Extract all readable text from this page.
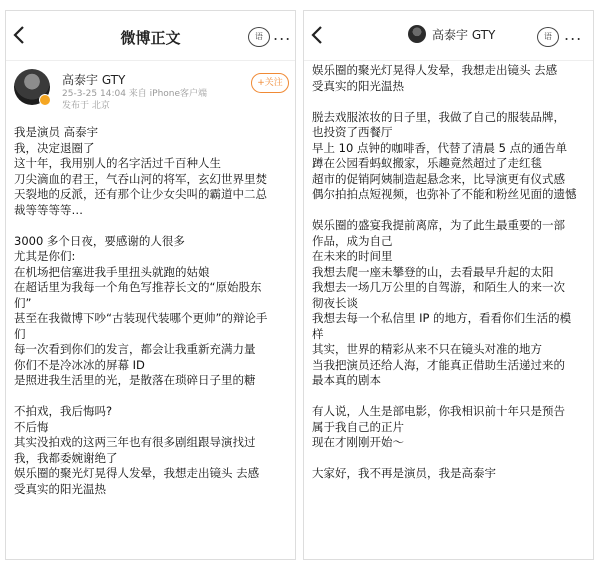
微博正文	语 ...
高泰宇 GTY
25-3-25 14:04 来自 iPhone客户端
发布于 北京
+关注
我是演员 高泰宇
我，决定退圈了
这十年，我用别人的名字活过千百种人生
刀尖滴血的君王，气吞山河的将军，玄幻世界里焚
天裂地的反派，还有那个让少女尖叫的霸道中二总
裁等等等等…
3000 多个日夜，要感谢的人很多
尤其是你们:
在机场把信塞进我手里扭头就跑的姑娘
在超话里为我每一个角色写推荐长文的“原始股东
们”
甚至在我微博下吵“古装现代装哪个更帅”的辩论手
们
每一次看到你们的发言，都会让我重新充满力量
你们不是冷冰冰的屏幕 ID
是照进我生活里的光，是散落在琐碎日子里的糖
不拍戏，我后悔吗?
不后悔
其实没拍戏的这两三年也有很多剧组跟导演找过
我，我都委婉谢绝了
娱乐圈的聚光灯晃得人发晕，我想走出镜头 去感
受真实的阳光温热
高泰宇 GTY	语 ...
娱乐圈的聚光灯晃得人发晕，我想走出镜头 去感
受真实的阳光温热
脱去戏服浓妆的日子里，我做了自己的服装品牌，
也投资了西餐厅
早上 10 点钟的咖啡香，代替了清晨 5 点的通告单
蹲在公园看蚂蚁搬家，乐趣竟然超过了走红毯
超市的促销阿姨制造起悬念来，比导演更有仪式感
偶尔拍拍点短视频，也弥补了不能和粉丝见面的遗憾
娱乐圈的盛宴我提前离席，为了此生最重要的一部
作品，成为自己
在未来的时间里
我想去爬一座未攀登的山，去看最早升起的太阳
我想去一场几万公里的自驾游，和陌生人的来一次
彻夜长谈
我想去每一个私信里 IP 的地方，看看你们生活的模
样
其实，世界的精彩从来不只在镜头对准的地方
当我把演员还给人海，才能真正借助生活递过来的
最本真的剧本
有人说，人生是部电影，你我相识前十年只是预告
属于我自己的正片
现在才刚刚开始～
大家好，我不再是演员，我是高泰宇
